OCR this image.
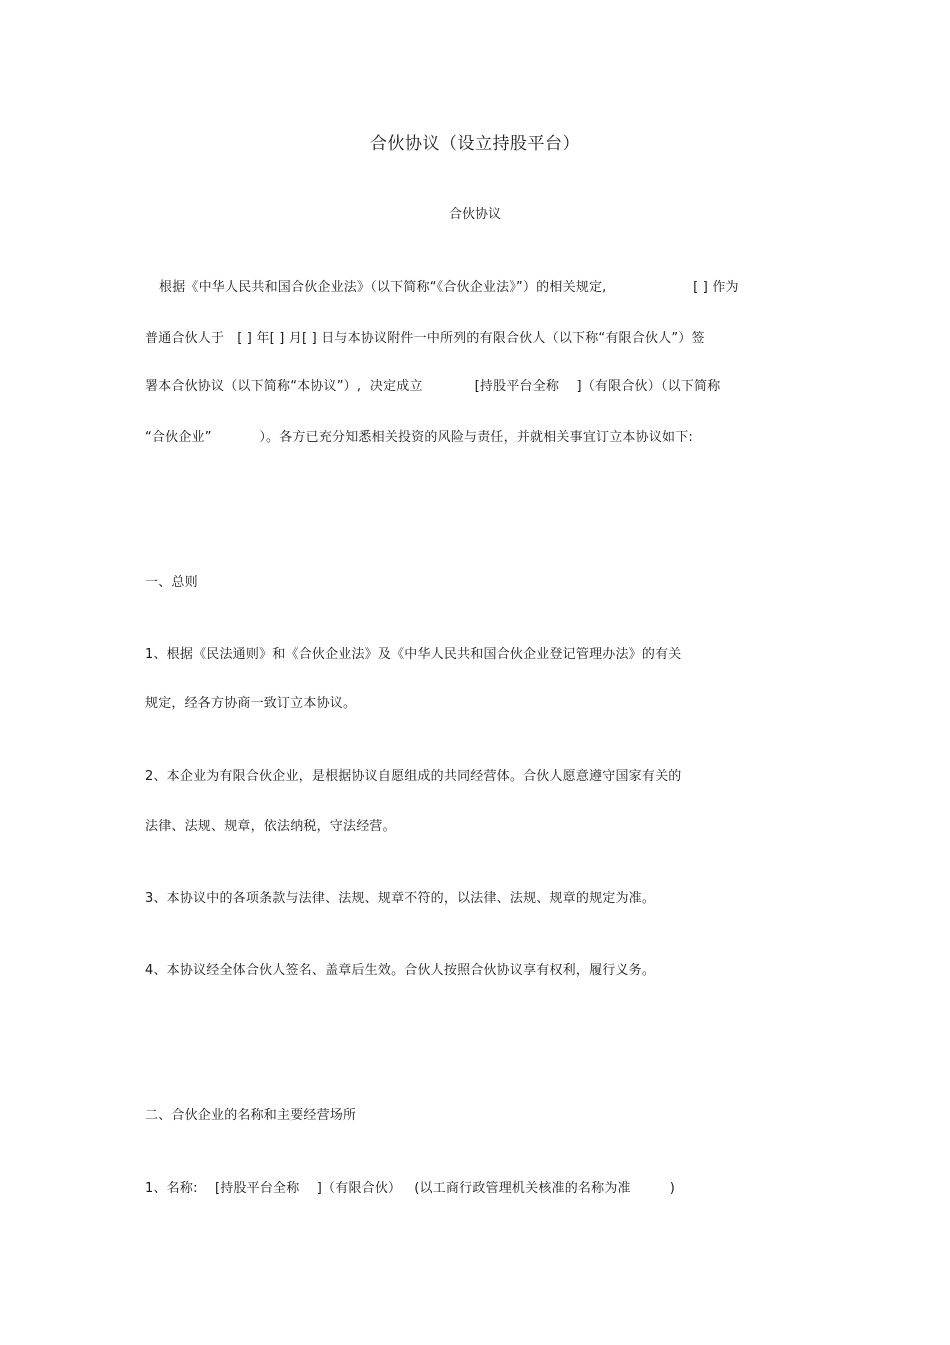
合伙协议（设立持股平台）
合伙协议
根据《中华人民共和国合伙企业法》（以下简称“《合伙企业法》”）的相关规定,                    [ ] 作为
普通合伙人于   [ ] 年[ ] 月[ ] 日与本协议附件一中所列的有限合伙人（以下称“有限合伙人”）签
署本合伙协议（以下简称“本协议”）,  决定成立            [持股平台全称    ]（有限合伙）（以下简称
“合伙企业”           ）。各方已充分知悉相关投资的风险与责任，并就相关事宜订立本协议如下:
一、总则
1、根据《民法通则》和《合伙企业法》及《中华人民共和国合伙企业登记管理办法》的有关
规定，经各方协商一致订立本协议。
2、本企业为有限合伙企业，是根据协议自愿组成的共同经营体。合伙人愿意遵守国家有关的
法律、法规、规章，依法纳税，守法经营。
3、本协议中的各项条款与法律、法规、规章不符的，以法律、法规、规章的规定为准。
4、本协议经全体合伙人签名、盖章后生效。合伙人按照合伙协议享有权利，履行义务。
二、合伙企业的名称和主要经营场所
1、名称:    [持股平台全称    ]（有限合伙）   (以工商行政管理机关核准的名称为准         )
